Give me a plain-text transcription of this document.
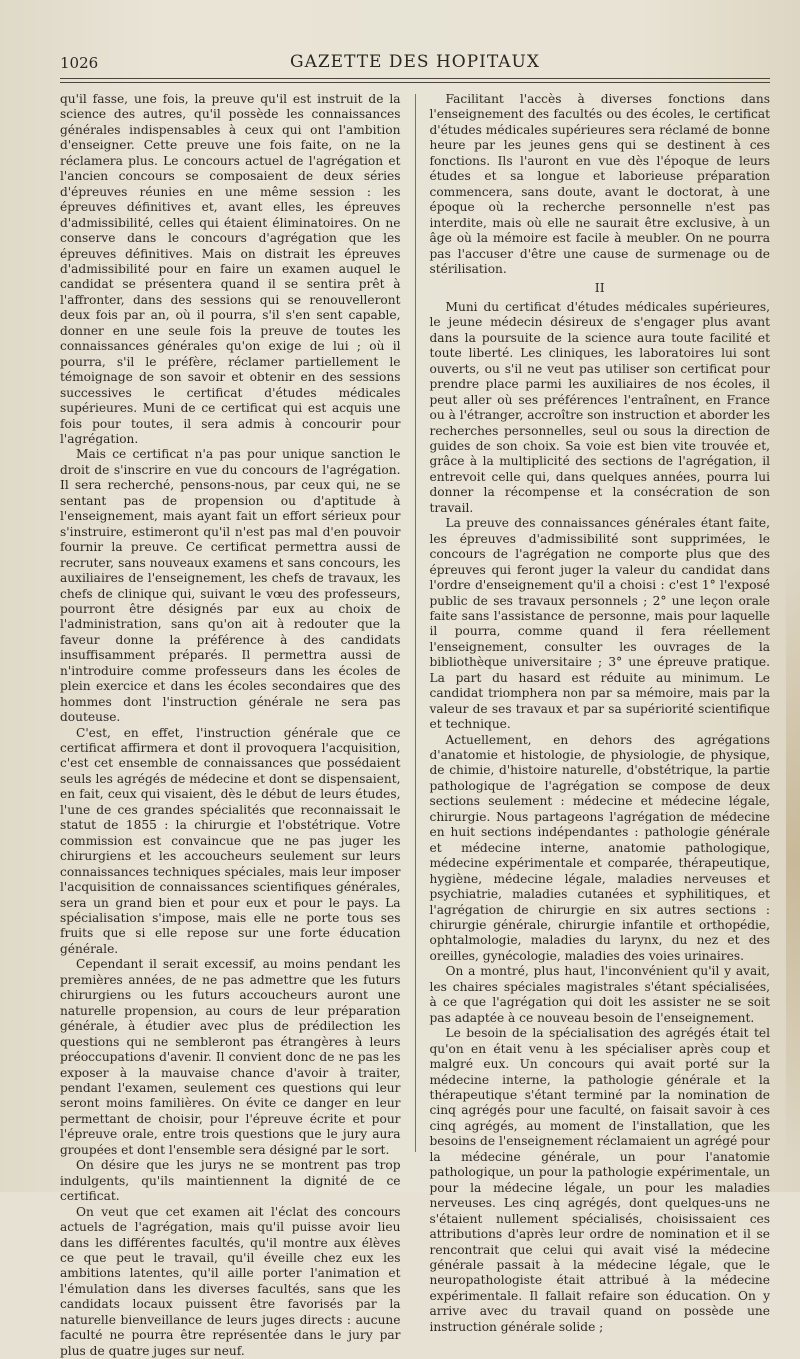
1026	GAZETTE DES HOPITAUX

qu'il fasse, une fois, la preuve qu'il est instruit de la science des autres, qu'il possède les connaissances générales indispensables à ceux qui ont l'ambition d'enseigner. Cette preuve une fois faite, on ne la réclamera plus. Le concours actuel de l'agrégation et l'ancien concours se composaient de deux séries d'épreuves réunies en une même session : les épreuves définitives et, avant elles, les épreuves d'admissibilité, celles qui étaient éliminatoires. On ne conserve dans le concours d'agrégation que les épreuves définitives. Mais on distrait les épreuves d'admissibilité pour en faire un examen auquel le candidat se présentera quand il se sentira prêt à l'affronter, dans des sessions qui se renouvelleront deux fois par an, où il pourra, s'il s'en sent capable, donner en une seule fois la preuve de toutes les connaissances générales qu'on exige de lui ; où il pourra, s'il le préfère, réclamer partiellement le témoignage de son savoir et obtenir en des sessions successives le certificat d'études médicales supérieures. Muni de ce certificat qui est acquis une fois pour toutes, il sera admis à concourir pour l'agrégation.

Mais ce certificat n'a pas pour unique sanction le droit de s'inscrire en vue du concours de l'agrégation. Il sera recherché, pensons-nous, par ceux qui, ne se sentant pas de propension ou d'aptitude à l'enseignement, mais ayant fait un effort sérieux pour s'instruire, estimeront qu'il n'est pas mal d'en pouvoir fournir la preuve. Ce certificat permettra aussi de recruter, sans nouveaux examens et sans concours, les auxiliaires de l'enseignement, les chefs de travaux, les chefs de clinique qui, suivant le vœu des professeurs, pourront être désignés par eux au choix de l'administration, sans qu'on ait à redouter que la faveur donne la préférence à des candidats insuffisamment préparés. Il permettra aussi de n'introduire comme professeurs dans les écoles de plein exercice et dans les écoles secondaires que des hommes dont l'instruction générale ne sera pas douteuse.

C'est, en effet, l'instruction générale que ce certificat affirmera et dont il provoquera l'acquisition, c'est cet ensemble de connaissances que possédaient seuls les agrégés de médecine et dont se dispensaient, en fait, ceux qui visaient, dès le début de leurs études, l'une de ces grandes spécialités que reconnaissait le statut de 1855 : la chirurgie et l'obstétrique. Votre commission est convaincue que ne pas juger les chirurgiens et les accoucheurs seulement sur leurs connaissances techniques spéciales, mais leur imposer l'acquisition de connaissances scientifiques générales, sera un grand bien et pour eux et pour le pays. La spécialisation s'impose, mais elle ne porte tous ses fruits que si elle repose sur une forte éducation générale.

Cependant il serait excessif, au moins pendant les premières années, de ne pas admettre que les futurs chirurgiens ou les futurs accoucheurs auront une naturelle propension, au cours de leur préparation générale, à étudier avec plus de prédilection les questions qui ne sembleront pas étrangères à leurs préoccupations d'avenir. Il convient donc de ne pas les exposer à la mauvaise chance d'avoir à traiter, pendant l'examen, seulement ces questions qui leur seront moins familières. On évite ce danger en leur permettant de choisir, pour l'épreuve écrite et pour l'épreuve orale, entre trois questions que le jury aura groupées et dont l'ensemble sera désigné par le sort.

On désire que les jurys ne se montrent pas trop indulgents, qu'ils maintiennent la dignité de ce certificat.

On veut que cet examen ait l'éclat des concours actuels de l'agrégation, mais qu'il puisse avoir lieu dans les différentes facultés, qu'il montre aux élèves ce que peut le travail, qu'il éveille chez eux les ambitions latentes, qu'il aille porter l'animation et l'émulation dans les diverses facultés, sans que les candidats locaux puissent être favorisés par la naturelle bienveillance de leurs juges directs : aucune faculté ne pourra être représentée dans le jury par plus de quatre juges sur neuf.

Facilitant l'accès à diverses fonctions dans l'enseignement des facultés ou des écoles, le certificat d'études médicales supérieures sera réclamé de bonne heure par les jeunes gens qui se destinent à ces fonctions. Ils l'auront en vue dès l'époque de leurs études et sa longue et laborieuse préparation commencera, sans doute, avant le doctorat, à une époque où la recherche personnelle n'est pas interdite, mais où elle ne saurait être exclusive, à un âge où la mémoire est facile à meubler. On ne pourra pas l'accuser d'être une cause de surmenage ou de stérilisation.

II

Muni du certificat d'études médicales supérieures, le jeune médecin désireux de s'engager plus avant dans la poursuite de la science aura toute facilité et toute liberté. Les cliniques, les laboratoires lui sont ouverts, ou s'il ne veut pas utiliser son certificat pour prendre place parmi les auxiliaires de nos écoles, il peut aller où ses préférences l'entraînent, en France ou à l'étranger, accroître son instruction et aborder les recherches personnelles, seul ou sous la direction de guides de son choix. Sa voie est bien vite trouvée et, grâce à la multiplicité des sections de l'agrégation, il entrevoit celle qui, dans quelques années, pourra lui donner la récompense et la consécration de son travail.

La preuve des connaissances générales étant faite, les épreuves d'admissibilité sont supprimées, le concours de l'agrégation ne comporte plus que des épreuves qui feront juger la valeur du candidat dans l'ordre d'enseignement qu'il a choisi : c'est 1° l'exposé public de ses travaux personnels ; 2° une leçon orale faite sans l'assistance de personne, mais pour laquelle il pourra, comme quand il fera réellement l'enseignement, consulter les ouvrages de la bibliothèque universitaire ; 3° une épreuve pratique. La part du hasard est réduite au minimum. Le candidat triomphera non par sa mémoire, mais par la valeur de ses travaux et par sa supériorité scientifique et technique.

Actuellement, en dehors des agrégations d'anatomie et histologie, de physiologie, de physique, de chimie, d'histoire naturelle, d'obstétrique, la partie pathologique de l'agrégation se compose de deux sections seulement : médecine et médecine légale, chirurgie. Nous partageons l'agrégation de médecine en huit sections indépendantes : pathologie générale et médecine interne, anatomie pathologique, médecine expérimentale et comparée, thérapeutique, hygiène, médecine légale, maladies nerveuses et psychiatrie, maladies cutanées et syphilitiques, et l'agrégation de chirurgie en six autres sections : chirurgie générale, chirurgie infantile et orthopédie, ophtalmologie, maladies du larynx, du nez et des oreilles, gynécologie, maladies des voies urinaires.

On a montré, plus haut, l'inconvénient qu'il y avait, les chaires spéciales magistrales s'étant spécialisées, à ce que l'agrégation qui doit les assister ne se soit pas adaptée à ce nouveau besoin de l'enseignement.

Le besoin de la spécialisation des agrégés était tel qu'on en était venu à les spécialiser après coup et malgré eux. Un concours qui avait porté sur la médecine interne, la pathologie générale et la thérapeutique s'étant terminé par la nomination de cinq agrégés pour une faculté, on faisait savoir à ces cinq agrégés, au moment de l'installation, que les besoins de l'enseignement réclamaient un agrégé pour la médecine générale, un pour l'anatomie pathologique, un pour la pathologie expérimentale, un pour la médecine légale, un pour les maladies nerveuses. Les cinq agrégés, dont quelques-uns ne s'étaient nullement spécialisés, choisissaient ces attributions d'après leur ordre de nomination et il se rencontrait que celui qui avait visé la médecine générale passait à la médecine légale, que le neuropathologiste était attribué à la médecine expérimentale. Il fallait refaire son éducation. On y arrive avec du travail quand on possède une instruction générale solide ;
